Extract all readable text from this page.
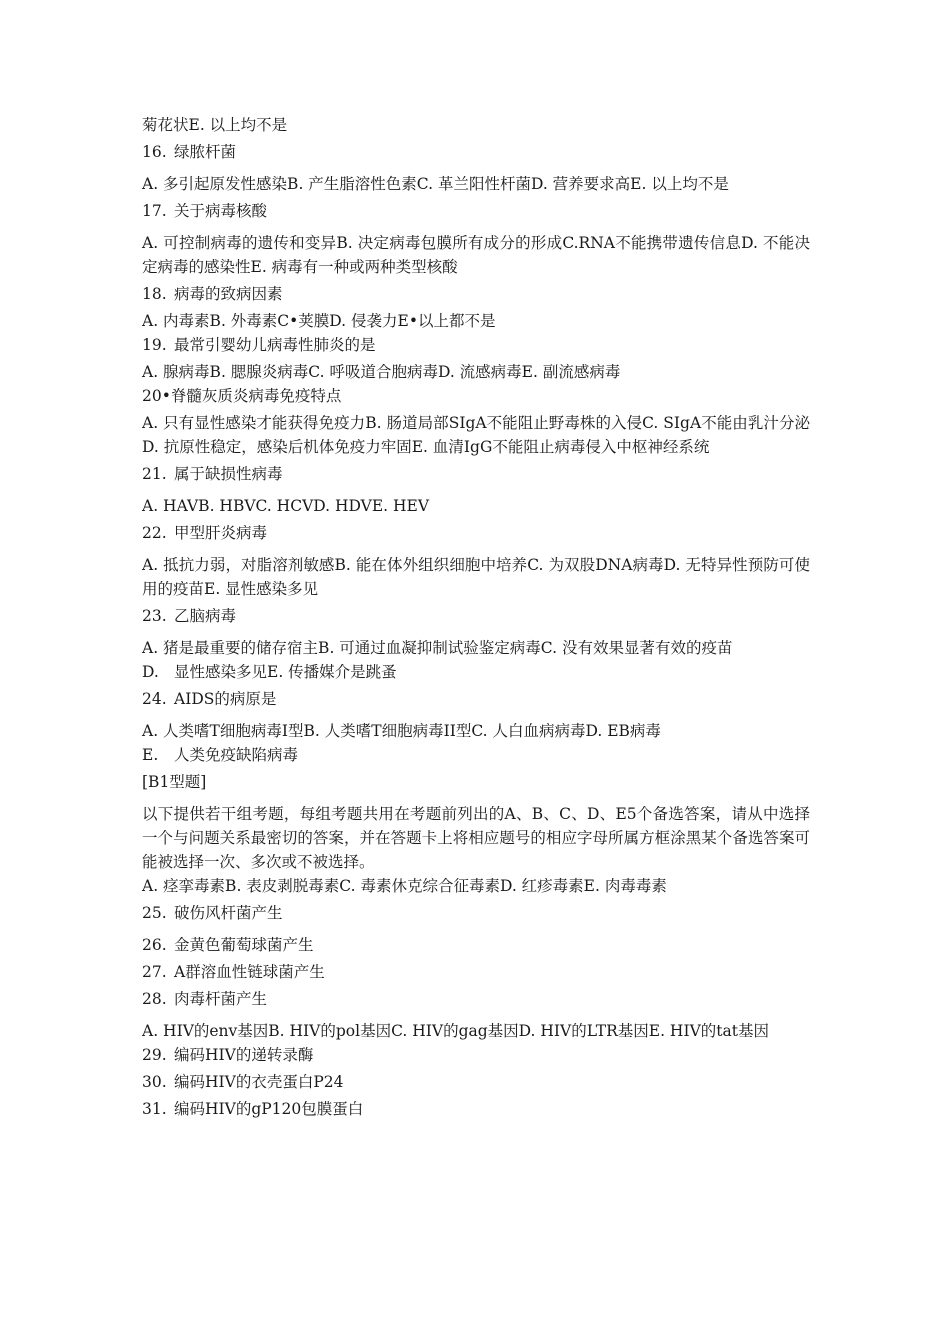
菊花状E. 以上均不是
16. 绿脓杆菌
A. 多引起原发性感染B. 产生脂溶性色素C. 革兰阳性杆菌D. 营养要求高E. 以上均不是
17. 关于病毒核酸
A. 可控制病毒的遗传和变异B. 决定病毒包膜所有成分的形成C.RNA不能携带遗传信息D. 不能决定病毒的感染性E. 病毒有一种或两种类型核酸
18. 病毒的致病因素
A. 内毒素B. 外毒素C•荚膜D. 侵袭力E•以上都不是
19. 最常引婴幼儿病毒性肺炎的是
A. 腺病毒B. 腮腺炎病毒C. 呼吸道合胞病毒D. 流感病毒E. 副流感病毒
20•脊髓灰质炎病毒免疫特点
A. 只有显性感染才能获得免疫力B. 肠道局部SIgA不能阻止野毒株的入侵C. SIgA不能由乳汁分泌D. 抗原性稳定，感染后机体免疫力牢固E. 血清IgG不能阻止病毒侵入中枢神经系统
21. 属于缺损性病毒
A. HAVB. HBVC. HCVD. HDVE. HEV
22. 甲型肝炎病毒
A. 抵抗力弱，对脂溶剂敏感B. 能在体外组织细胞中培养C. 为双股DNA病毒D. 无特异性预防可使用的疫苗E. 显性感染多见
23. 乙脑病毒
A. 猪是最重要的储存宿主B. 可通过血凝抑制试验鉴定病毒C. 没有效果显著有效的疫苗
D. 显性感染多见E. 传播媒介是跳蚤
24. AIDS的病原是
A. 人类嗜T细胞病毒Ⅰ型B. 人类嗜T细胞病毒II型C. 人白血病病毒D. EB病毒
E. 人类免疫缺陷病毒
[B1型题]
以下提供若干组考题，每组考题共用在考题前列出的A、B、C、D、E5个备选答案，请从中选择一个与问题关系最密切的答案，并在答题卡上将相应题号的相应字母所属方框涂黑某个备选答案可能被选择一次、多次或不被选择。
A. 痉挛毒素B. 表皮剥脱毒素C. 毒素休克综合征毒素D. 红疹毒素E. 肉毒毒素
25. 破伤风杆菌产生
26. 金黄色葡萄球菌产生
27. A群溶血性链球菌产生
28. 肉毒杆菌产生
A. HIV的env基因B. HIV的pol基因C. HIV的gag基因D. HIV的LTR基因E. HIV的tat基因
29. 编码HIV的递转录酶
30. 编码HIV的衣壳蛋白P24
31. 编码HIV的gP120包膜蛋白
